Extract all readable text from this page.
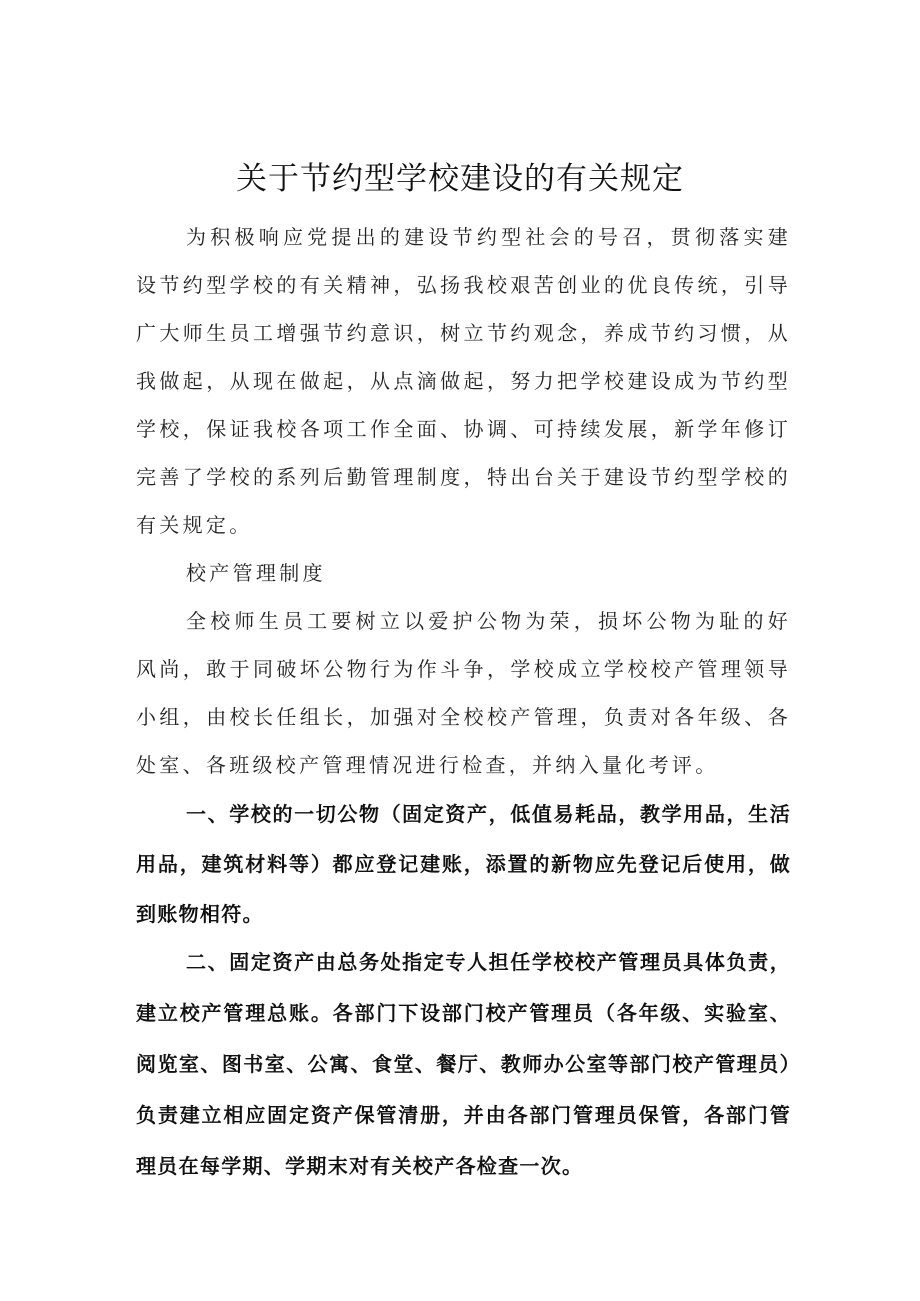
关于节约型学校建设的有关规定

为积极响应党提出的建设节约型社会的号召，贯彻落实建设节约型学校的有关精神，弘扬我校艰苦创业的优良传统，引导广大师生员工增强节约意识，树立节约观念，养成节约习惯，从我做起，从现在做起，从点滴做起，努力把学校建设成为节约型学校，保证我校各项工作全面、协调、可持续发展，新学年修订完善了学校的系列后勤管理制度，特出台关于建设节约型学校的有关规定。

校产管理制度

全校师生员工要树立以爱护公物为荣，损坏公物为耻的好风尚，敢于同破坏公物行为作斗争，学校成立学校校产管理领导小组，由校长任组长，加强对全校校产管理，负责对各年级、各处室、各班级校产管理情况进行检查，并纳入量化考评。

一、学校的一切公物（固定资产，低值易耗品，教学用品，生活用品，建筑材料等）都应登记建账，添置的新物应先登记后使用，做到账物相符。

二、固定资产由总务处指定专人担任学校校产管理员具体负责，建立校产管理总账。各部门下设部门校产管理员（各年级、实验室、阅览室、图书室、公寓、食堂、餐厅、教师办公室等部门校产管理员）负责建立相应固定资产保管清册，并由各部门管理员保管，各部门管理员在每学期、学期末对有关校产各检查一次。
